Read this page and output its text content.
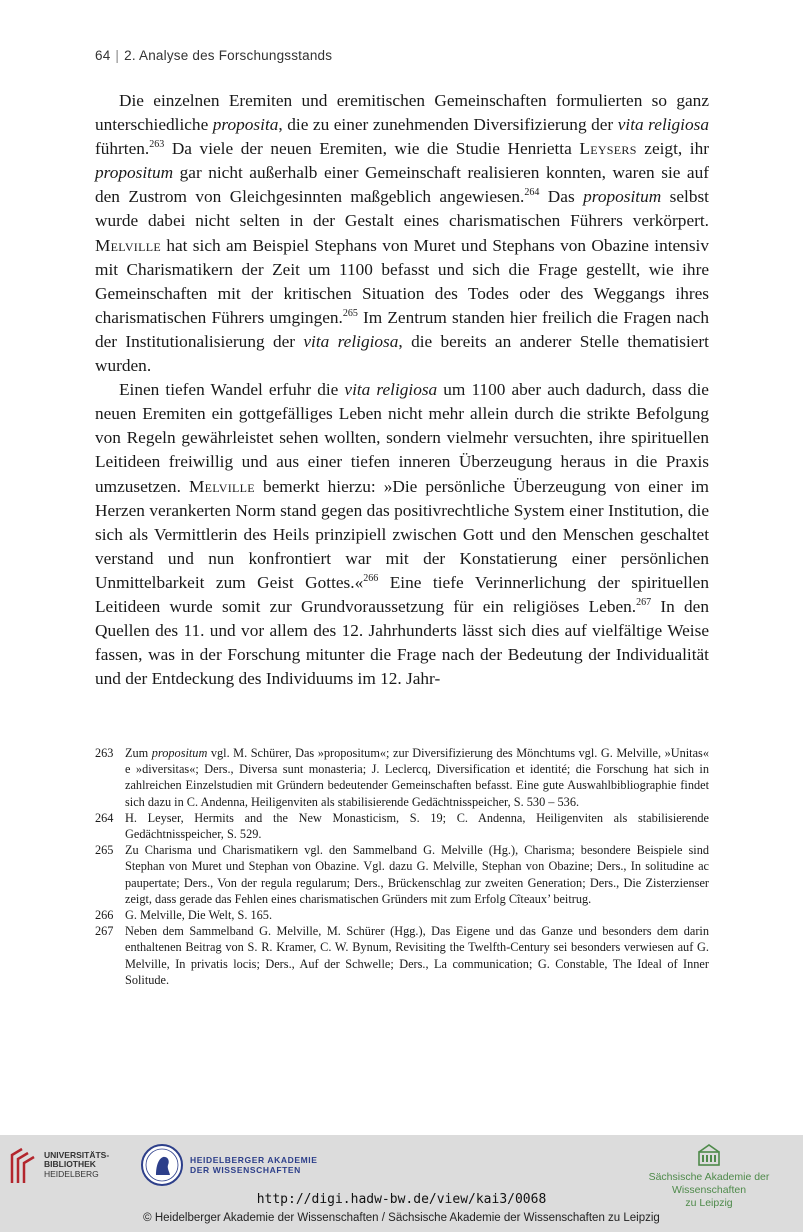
64 | 2. Analyse des Forschungsstands

Die einzelnen Eremiten und eremitischen Gemeinschaften formulierten so ganz unterschiedliche proposita, die zu einer zunehmenden Diversifizierung der vita religiosa führten.$^{263}$ Da viele der neuen Eremiten, wie die Studie Henrietta Leysers zeigt, ihr propositum gar nicht außerhalb einer Gemeinschaft realisieren konnten, waren sie auf den Zustrom von Gleichgesinnten maßgeblich angewiesen.$^{264}$ Das propositum selbst wurde dabei nicht selten in der Gestalt eines charismatischen Führers verkörpert. Melville hat sich am Beispiel Stephans von Muret und Stephans von Obazine intensiv mit Charismatikern der Zeit um 1100 befasst und sich die Frage gestellt, wie ihre Gemeinschaften mit der kritischen Situation des Todes oder des Weggangs ihres charismatischen Führers umgingen.$^{265}$ Im Zentrum standen hier freilich die Fragen nach der Institutionalisierung der vita religiosa, die bereits an anderer Stelle thematisiert wurden.

Einen tiefen Wandel erfuhr die vita religiosa um 1100 aber auch dadurch, dass die neuen Eremiten ein gottgefälliges Leben nicht mehr allein durch die strikte Befolgung von Regeln gewährleistet sehen wollten, sondern vielmehr versuchten, ihre spirituellen Leitideen freiwillig und aus einer tiefen inneren Überzeugung heraus in die Praxis umzusetzen. Melville bemerkt hierzu: »Die persönliche Überzeugung von einer im Herzen verankerten Norm stand gegen das positivrechtliche System einer Institution, die sich als Vermittlerin des Heils prinzipiell zwischen Gott und den Menschen geschaltet verstand und nun konfrontiert war mit der Konstatierung einer persönlichen Unmittelbarkeit zum Geist Gottes.«$^{266}$ Eine tiefe Verinnerlichung der spirituellen Leitideen wurde somit zur Grundvoraussetzung für ein religiöses Leben.$^{267}$ In den Quellen des 11. und vor allem des 12. Jahrhunderts lässt sich dies auf vielfältige Weise fassen, was in der Forschung mitunter die Frage nach der Bedeutung der Individualität und der Entdeckung des Individuums im 12. Jahr-

263 Zum propositum vgl. M. Schürer, Das »propositum«; zur Diversifizierung des Mönchtums vgl. G. Melville, »Unitas« e »diversitas«; Ders., Diversa sunt monasteria; J. Leclercq, Diversification et identité; die Forschung hat sich in zahlreichen Einzelstudien mit Gründern bedeutender Gemeinschaften befasst. Eine gute Auswahlbibliographie findet sich dazu in C. Andenna, Heiligenviten als stabilisierende Gedächtnisspeicher, S. 530 – 536.
264 H. Leyser, Hermits and the New Monasticism, S. 19; C. Andenna, Heiligenviten als stabilisierende Gedächtnisspeicher, S. 529.
265 Zu Charisma und Charismatikern vgl. den Sammelband G. Melville (Hg.), Charisma; besondere Beispiele sind Stephan von Muret und Stephan von Obazine. Vgl. dazu G. Melville, Stephan von Obazine; Ders., In solitudine ac paupertate; Ders., Von der regula regularum; Ders., Brückenschlag zur zweiten Generation; Ders., Die Zisterzienser zeigt, dass gerade das Fehlen eines charismatischen Gründers mit zum Erfolg Cîteaux’ beitrug.
266 G. Melville, Die Welt, S. 165.
267 Neben dem Sammelband G. Melville, M. Schürer (Hgg.), Das Eigene und das Ganze und besonders dem darin enthaltenen Beitrag von S. R. Kramer, C. W. Bynum, Revisiting the Twelfth-Century sei besonders verwiesen auf G. Melville, In privatis locis; Ders., Auf der Schwelle; Ders., La communication; G. Constable, The Ideal of Inner Solitude.
UNIVERSITÄTS-
BIBLIOTHEK
HEIDELBERG
HEIDELBERGER AKADEMIE
DER WISSENSCHAFTEN
Sächsische Akademie der Wissenschaften
zu Leipzig
http://digi.hadw-bw.de/view/kai3/0068
© Heidelberger Akademie der Wissenschaften / Sächsische Akademie der Wissenschaften zu Leipzig
